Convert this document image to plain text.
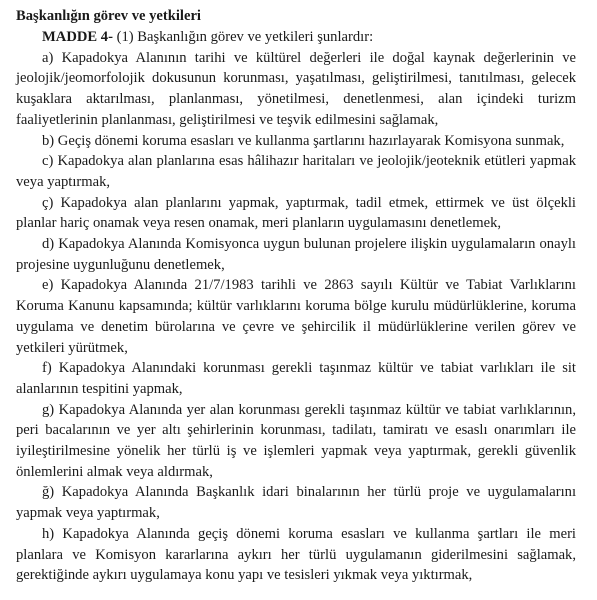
Başkanlığın görev ve yetkileri

MADDE 4- (1) Başkanlığın görev ve yetkileri şunlardır:

a) Kapadokya Alanının tarihi ve kültürel değerleri ile doğal kaynak değerlerinin ve jeolojik/jeomorfolojik dokusunun korunması, yaşatılması, geliştirilmesi, tanıtılması, gelecek kuşaklara aktarılması, planlanması, yönetilmesi, denetlenmesi, alan içindeki turizm faaliyetlerinin planlanması, geliştirilmesi ve teşvik edilmesini sağlamak,

b) Geçiş dönemi koruma esasları ve kullanma şartlarını hazırlayarak Komisyona sunmak,

c) Kapadokya alan planlarına esas hâlihazır haritaları ve jeolojik/jeoteknik etütleri yapmak veya yaptırmak,

ç) Kapadokya alan planlarını yapmak, yaptırmak, tadil etmek, ettirmek ve üst ölçekli planlar hariç onamak veya resen onamak, meri planların uygulamasını denetlemek,

d) Kapadokya Alanında Komisyonca uygun bulunan projelere ilişkin uygulamaların onaylı projesine uygunluğunu denetlemek,

e) Kapadokya Alanında 21/7/1983 tarihli ve 2863 sayılı Kültür ve Tabiat Varlıklarını Koruma Kanunu kapsamında; kültür varlıklarını koruma bölge kurulu müdürlüklerine, koruma uygulama ve denetim bürolarına ve çevre ve şehircilik il müdürlüklerine verilen görev ve yetkileri yürütmek,

f) Kapadokya Alanındaki korunması gerekli taşınmaz kültür ve tabiat varlıkları ile sit alanlarının tespitini yapmak,

g) Kapadokya Alanında yer alan korunması gerekli taşınmaz kültür ve tabiat varlıklarının, peri bacalarının ve yer altı şehirlerinin korunması, tadilatı, tamiratı ve esaslı onarımları ile iyileştirilmesine yönelik her türlü iş ve işlemleri yapmak veya yaptırmak, gerekli güvenlik önlemlerini almak veya aldırmak,

ğ) Kapadokya Alanında Başkanlık idari binalarının her türlü proje ve uygulamalarını yapmak veya yaptırmak,

h) Kapadokya Alanında geçiş dönemi koruma esasları ve kullanma şartları ile meri planlara ve Komisyon kararlarına aykırı her türlü uygulamanın giderilmesini sağlamak, gerektiğinde aykırı uygulamaya konu yapı ve tesisleri yıkmak veya yıktırmak,
